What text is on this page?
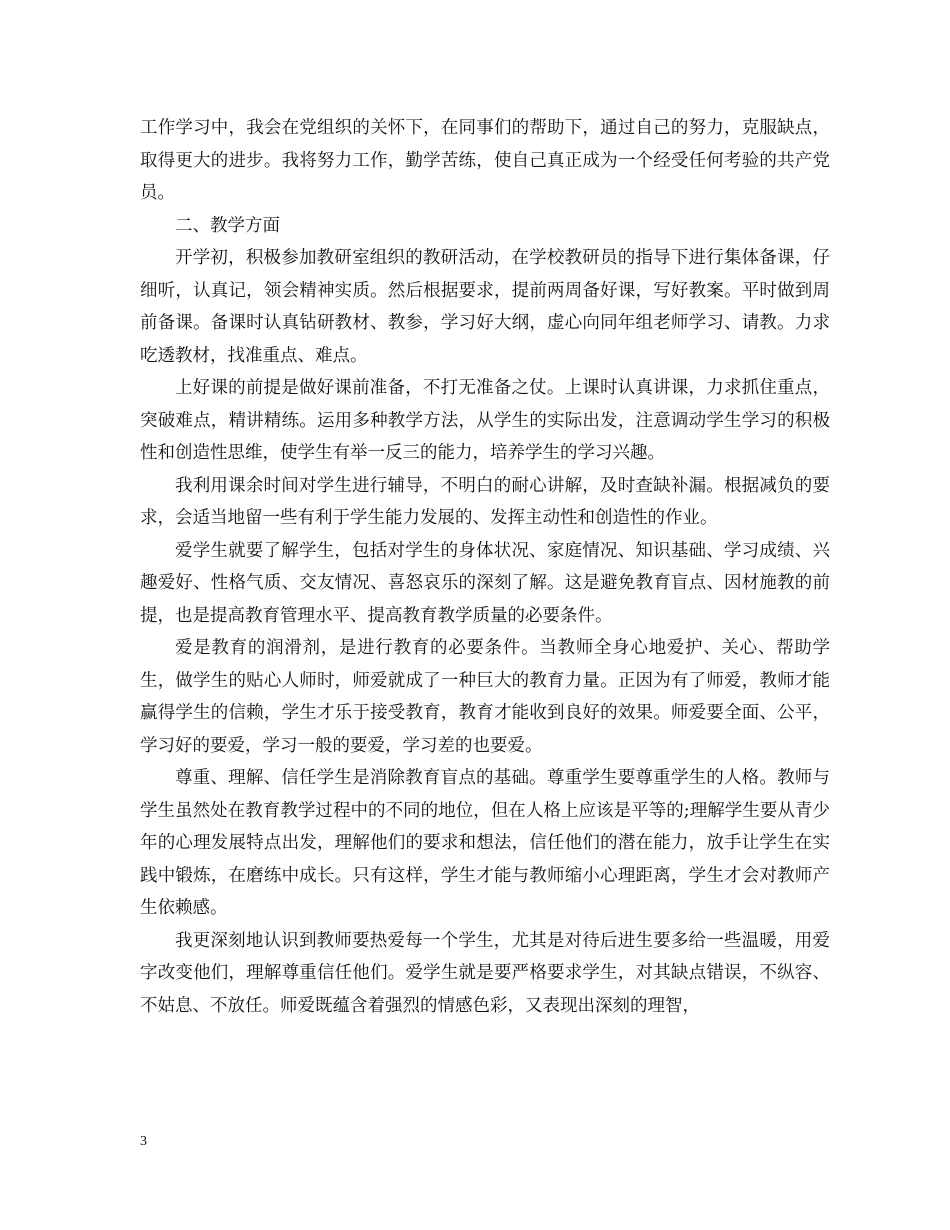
工作学习中，我会在党组织的关怀下，在同事们的帮助下，通过自己的努力，克服缺点，取得更大的进步。我将努力工作，勤学苦练，使自己真正成为一个经受任何考验的共产党员。

二、教学方面

开学初，积极参加教研室组织的教研活动，在学校教研员的指导下进行集体备课，仔细听，认真记，领会精神实质。然后根据要求，提前两周备好课，写好教案。平时做到周前备课。备课时认真钻研教材、教参，学习好大纲，虚心向同年组老师学习、请教。力求吃透教材，找准重点、难点。

上好课的前提是做好课前准备，不打无准备之仗。上课时认真讲课，力求抓住重点，突破难点，精讲精练。运用多种教学方法，从学生的实际出发，注意调动学生学习的积极性和创造性思维，使学生有举一反三的能力，培养学生的学习兴趣。

我利用课余时间对学生进行辅导，不明白的耐心讲解，及时查缺补漏。根据减负的要求，会适当地留一些有利于学生能力发展的、发挥主动性和创造性的作业。

爱学生就要了解学生，包括对学生的身体状况、家庭情况、知识基础、学习成绩、兴趣爱好、性格气质、交友情况、喜怒哀乐的深刻了解。这是避免教育盲点、因材施教的前提，也是提高教育管理水平、提高教育教学质量的必要条件。

爱是教育的润滑剂，是进行教育的必要条件。当教师全身心地爱护、关心、帮助学生，做学生的贴心人师时，师爱就成了一种巨大的教育力量。正因为有了师爱，教师才能赢得学生的信赖，学生才乐于接受教育，教育才能收到良好的效果。师爱要全面、公平，学习好的要爱，学习一般的要爱，学习差的也要爱。

尊重、理解、信任学生是消除教育盲点的基础。尊重学生要尊重学生的人格。教师与学生虽然处在教育教学过程中的不同的地位，但在人格上应该是平等的;理解学生要从青少年的心理发展特点出发，理解他们的要求和想法，信任他们的潜在能力，放手让学生在实践中锻炼，在磨练中成长。只有这样，学生才能与教师缩小心理距离，学生才会对教师产生依赖感。

我更深刻地认识到教师要热爱每一个学生，尤其是对待后进生要多给一些温暖，用爱字改变他们，理解尊重信任他们。爱学生就是要严格要求学生，对其缺点错误，不纵容、不姑息、不放任。师爱既蕴含着强烈的情感色彩，又表现出深刻的理智，

3
